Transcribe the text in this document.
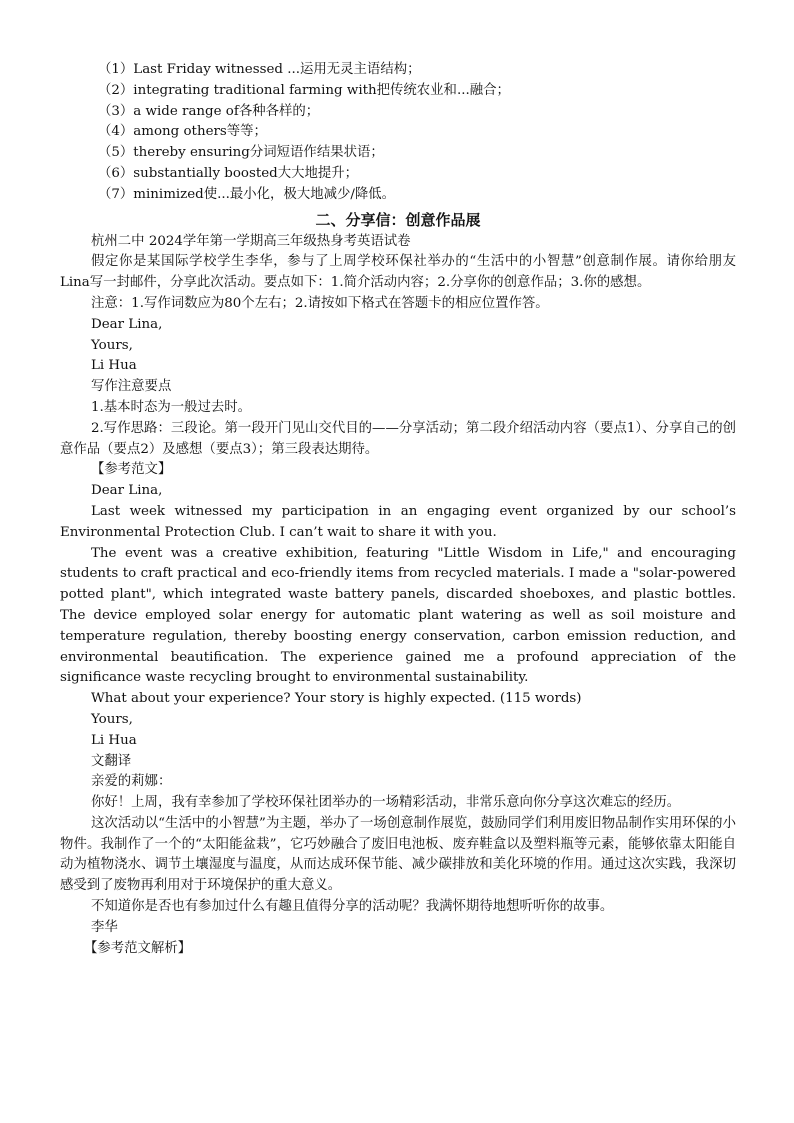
（1）Last Friday witnessed ...运用无灵主语结构；

（2）integrating traditional farming with把传统农业和...融合；

（3）a wide range of各种各样的；

（4）among others等等；

（5）thereby ensuring分词短语作结果状语；

（6）substantially boosted大大地提升；

（7）minimized使...最小化，极大地减少/降低。

二、分享信：创意作品展

杭州二中 2024学年第一学期高三年级热身考英语试卷

假定你是某国际学校学生李华，参与了上周学校环保社举办的“生活中的小智慧”创意制作展。请你给朋友Lina写一封邮件，分享此次活动。要点如下：1.简介活动内容；2.分享你的创意作品；3.你的感想。

注意：1.写作词数应为80个左右；2.请按如下格式在答题卡的相应位置作答。

Dear Lina,

Yours,

Li Hua

写作注意要点

1.基本时态为一般过去时。

2.写作思路：三段论。第一段开门见山交代目的——分享活动；第二段介绍活动内容（要点1）、分享自己的创意作品（要点2）及感想（要点3）；第三段表达期待。

【参考范文】

Dear Lina,

Last week witnessed my participation in an engaging event organized by our school’s Environmental Protection Club. I can’t wait to share it with you.

The event was a creative exhibition, featuring "Little Wisdom in Life," and encouraging students to craft practical and eco-friendly items from recycled materials. I made a "solar-powered potted plant", which integrated waste battery panels, discarded shoeboxes, and plastic bottles. The device employed solar energy for automatic plant watering as well as soil moisture and temperature regulation, thereby boosting energy conservation, carbon emission reduction, and environmental beautification. The experience gained me a profound appreciation of the significance waste recycling brought to environmental sustainability.

What about your experience? Your story is highly expected. (115 words)

Yours,

Li Hua

文翻译

亲爱的莉娜：

你好！上周，我有幸参加了学校环保社团举办的一场精彩活动，非常乐意向你分享这次难忘的经历。

这次活动以“生活中的小智慧”为主题，举办了一场创意制作展览，鼓励同学们利用废旧物品制作实用环保的小物件。我制作了一个的“太阳能盆栽”，它巧妙融合了废旧电池板、废弃鞋盒以及塑料瓶等元素，能够依靠太阳能自动为植物浇水、调节土壤湿度与温度，从而达成环保节能、减少碳排放和美化环境的作用。通过这次实践，我深切感受到了废物再利用对于环境保护的重大意义。

不知道你是否也有参加过什么有趣且值得分享的活动呢？我满怀期待地想听听你的故事。

李华

【参考范文解析】
